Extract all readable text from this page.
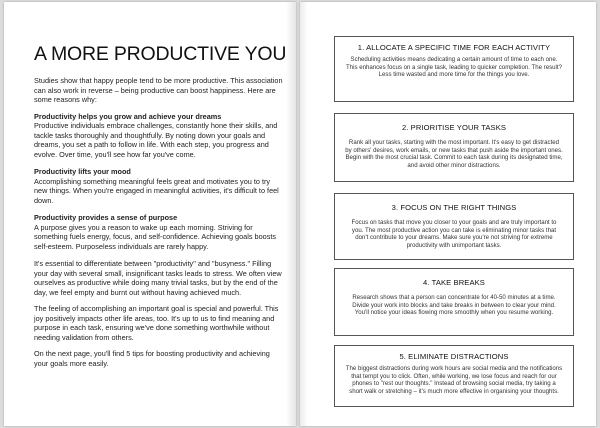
A MORE PRODUCTIVE YOU

Studies show that happy people tend to be more productive. This association can also work in reverse – being productive can boost happiness. Here are some reasons why:

Productivity helps you grow and achieve your dreams

Productive individuals embrace challenges, constantly hone their skills, and tackle tasks thoroughly and thoughtfully. By noting down your goals and dreams, you set a path to follow in life. With each step, you progress and evolve. Over time, you'll see how far you've come.

Productivity lifts your mood

Accomplishing something meaningful feels great and motivates you to try new things. When you're engaged in meaningful activities, it's difficult to feel down.

Productivity provides a sense of purpose

A purpose gives you a reason to wake up each morning. Striving for something fuels energy, focus, and self-confidence. Achieving goals boosts self-esteem. Purposeless individuals are rarely happy.

It's essential to differentiate between "productivity" and "busyness." Filling your day with several small, insignificant tasks leads to stress. We often view ourselves as productive while doing many trivial tasks, but by the end of the day, we feel empty and burnt out without having achieved much.

The feeling of accomplishing an important goal is special and powerful. This joy positively impacts other life areas, too. It's up to us to find meaning and purpose in each task, ensuring we've done something worthwhile without needing validation from others.

On the next page, you'll find 5 tips for boosting productivity and achieving your goals more easily.

1. ALLOCATE A SPECIFIC TIME FOR EACH ACTIVITY
Scheduling activities means dedicating a certain amount of time to each one. This enhances focus on a single task, leading to quicker completion. The result? Less time wasted and more time for the things you love.
2. PRIORITISE YOUR TASKS
Rank all your tasks, starting with the most important. It's easy to get distracted by others' desires, work emails, or new tasks that push aside the important ones. Begin with the most crucial task. Commit to each task during its designated time, and avoid other minor distractions.
3. FOCUS ON THE RIGHT THINGS
Focus on tasks that move you closer to your goals and are truly important to you. The most productive action you can take is eliminating minor tasks that don't contribute to your dreams. Make sure you're not striving for extreme productivity with unimportant tasks.
4. TAKE BREAKS
Research shows that a person can concentrate for 40-50 minutes at a time. Divide your work into blocks and take breaks in between to clear your mind. You'll notice your ideas flowing more smoothly when you resume working.
5. ELIMINATE DISTRACTIONS
The biggest distractions during work hours are social media and the notifications that tempt you to click. Often, while working, we lose focus and reach for our phones to "rest our thoughts." Instead of browsing social media, try taking a short walk or stretching – it's much more effective in organising your thoughts.
